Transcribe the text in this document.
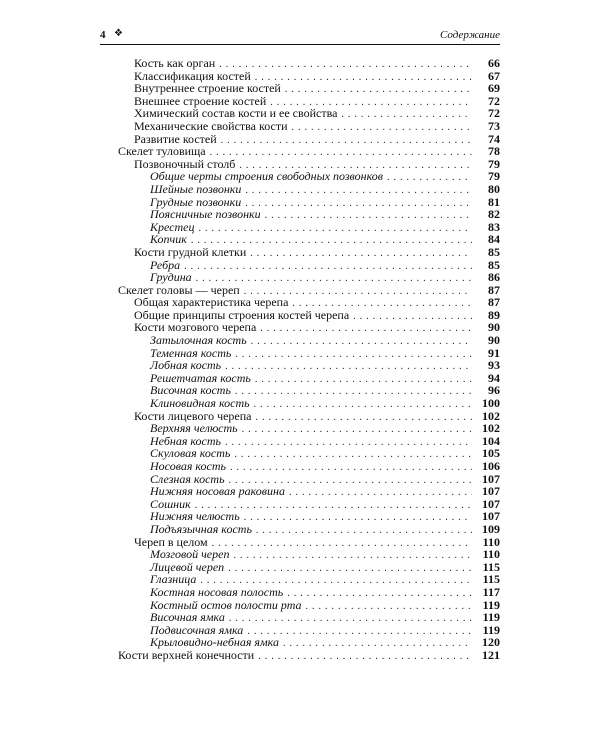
4 ❖	Содержание
Кость как орган .....	66
Классификация костей .....	67
Внутреннее строение костей .....	69
Внешнее строение костей .....	72
Химический состав кости и ее свойства .....	72
Механические свойства кости .....	73
Развитие костей .....	74
Скелет туловища .....	78
Позвоночный столб .....	79
Общие черты строения свободных позвонков .....	79
Шейные позвонки .....	80
Грудные позвонки .....	81
Поясничные позвонки .....	82
Крестец .....	83
Копчик .....	84
Кости грудной клетки .....	85
Ребра .....	85
Грудина .....	86
Скелет головы — череп .....	87
Общая характеристика черепа .....	87
Общие принципы строения костей черепа .....	89
Кости мозгового черепа .....	90
Затылочная кость .....	90
Теменная кость .....	91
Лобная кость .....	93
Решетчатая кость .....	94
Височная кость .....	96
Клиновидная кость .....	100
Кости лицевого черепа .....	102
Верхняя челюсть .....	102
Небная кость .....	104
Скуловая кость .....	105
Носовая кость .....	106
Слезная кость .....	107
Нижняя носовая раковина .....	107
Сошник .....	107
Нижняя челюсть .....	107
Подъязычная кость .....	109
Череп в целом .....	110
Мозговой череп .....	110
Лицевой череп .....	115
Глазница .....	115
Костная носовая полость .....	117
Костный остов полости рта .....	119
Височная ямка .....	119
Подвисочная ямка .....	119
Крыловидно-небная ямка .....	120
Кости верхней конечности .....	121
